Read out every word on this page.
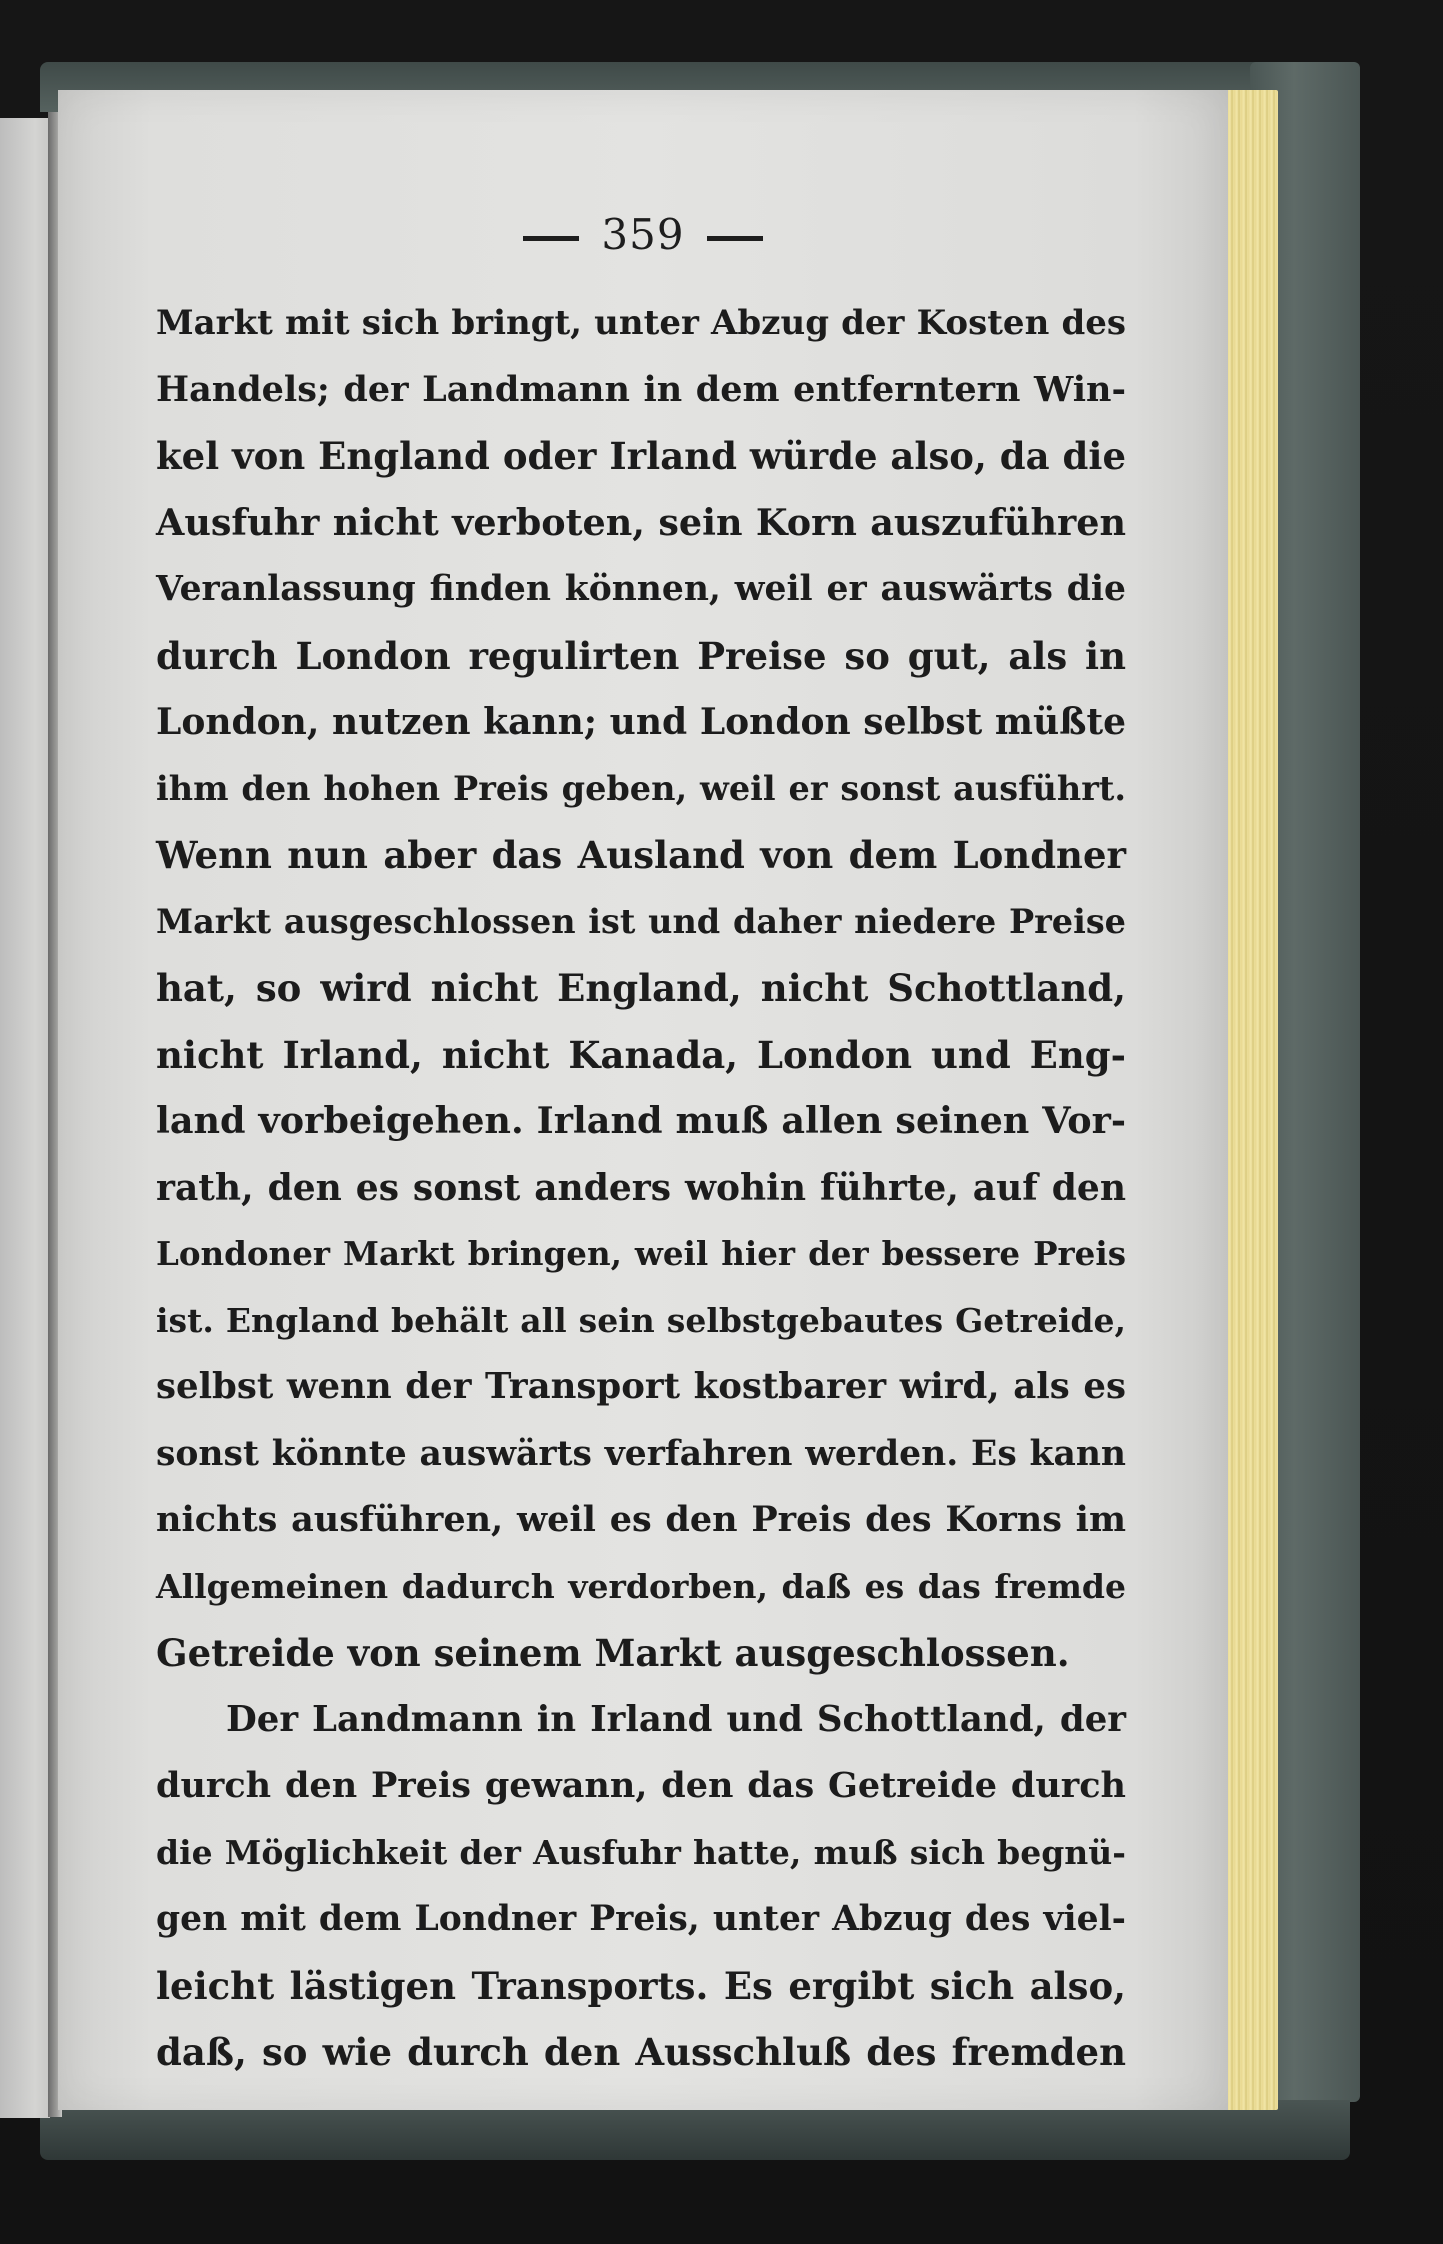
359
Markt mit sich bringt, unter Abzug der Kosten des
Handels; der Landmann in dem entferntern Win-
kel von England oder Irland würde also, da die
Ausfuhr nicht verboten, sein Korn auszuführen
Veranlassung finden können, weil er auswärts die
durch London regulirten Preise so gut, als in
London, nutzen kann; und London selbst müßte
ihm den hohen Preis geben, weil er sonst ausführt.
Wenn nun aber das Ausland von dem Londner
Markt ausgeschlossen ist und daher niedere Preise
hat, so wird nicht England, nicht Schottland,
nicht Irland, nicht Kanada, London und Eng-
land vorbeigehen. Irland muß allen seinen Vor-
rath, den es sonst anders wohin führte, auf den
Londoner Markt bringen, weil hier der bessere Preis
ist. England behält all sein selbstgebautes Getreide,
selbst wenn der Transport kostbarer wird, als es
sonst könnte auswärts verfahren werden. Es kann
nichts ausführen, weil es den Preis des Korns im
Allgemeinen dadurch verdorben, daß es das fremde
Getreide von seinem Markt ausgeschlossen.
Der Landmann in Irland und Schottland, der
durch den Preis gewann, den das Getreide durch
die Möglichkeit der Ausfuhr hatte, muß sich begnü-
gen mit dem Londner Preis, unter Abzug des viel-
leicht lästigen Transports. Es ergibt sich also,
daß, so wie durch den Ausschluß des fremden
